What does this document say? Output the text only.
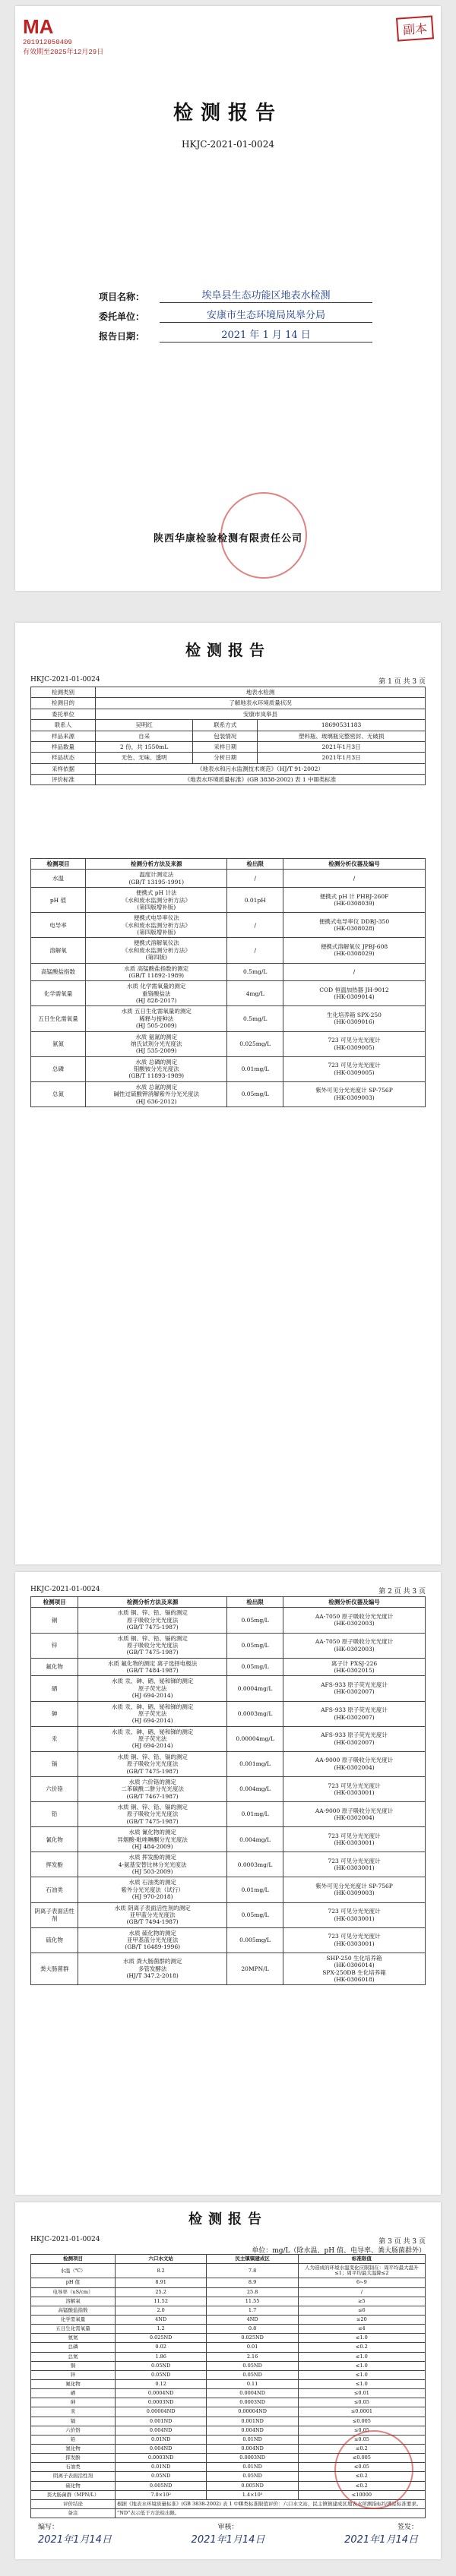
MA
201912050409
有效期至2025年12月29日
副本
检测报告
HKJC-2021-01-0024
项目名称：	埃阜县生态功能区地表水检测
委托单位：	安康市生态环境局岚皋分局
报告日期：	2021 年 1 月 14 日
陕西华康检验检测有限责任公司
检测报告
HKJC-2021-01-0024	第 1 页 共 3 页
检测类别	地表水检测		
检测目的	了解地表水环境质量状况		
委托单位	安康市岚皋县		
联系人	吴明红	联系方式	18690531183
样品来源	自采	包装情况	塑料瓶、玻璃瓶完整密封、无破损
样品数量	2 份，共 1550mL	采样日期	2021年1月3日
样品状态	无色、无味、透明	分析日期	2021年1月3日
采样依据	《地表水和污水监测技术规范》（HJ/T 91-2002）		
评价标准	《地表水环境质量标准》(GB 3838-2002) 表 1 中Ⅲ类标准		
检测项目	检测分析方法及来源	检出限	检测分析仪器及编号
水温	温度计测定法
(GB/T 13195-1991)	/	/
pH 值	便携式 pH 计法
《水和废水监测分析方法》
(第四版增补版)	0.01pH	便携式 pH 计 PHBJ-260F
(HK-0308039)
电导率	便携式电导率仪法
《水和废水监测分析方法》
(第四版增补版)	/	便携式电导率仪 DDBJ-350
(HK-0308028)
溶解氧	便携式溶解氧仪法
《水和废水监测分析方法》
(第四版)	/	便携式溶解氧仪 JPBJ-608
(HK-0308029)
高锰酸盐指数	水质 高锰酸盐指数的测定
(GB/T 11892-1989)	0.5mg/L	/
化学需氧量	水质 化学需氧量的测定
重铬酸盐法
(HJ 828-2017)	4mg/L	COD 恒温加热器 JH-9012
(HK-0309014)
五日生化需氧量	水质 五日生化需氧量的测定
稀释与接种法
(HJ 505-2009)	0.5mg/L	生化培养箱 SPX-250
(HK-0309016)
氨氮	水质 氨氮的测定
纳氏试剂分光光度法
(HJ 535-2009)	0.025mg/L	723 可见分光光度计
(HK-0309005)
总磷	水质 总磷的测定
钼酸铵分光光度法
(GB/T 11893-1989)	0.01mg/L	723 可见分光光度计
(HK-0309005)
总氮	水质 总氮的测定
碱性过硫酸钾消解紫外分光光度法
(HJ 636-2012)	0.05mg/L	紫外可见分光光度计 SP-756P
(HK-0309003)
HKJC-2021-01-0024	第 2 页 共 3 页
检测项目	检测分析方法及来源	检出限	检测分析仪器及编号
铜	水质 铜、锌、铅、镉的测定
原子吸收分光光度法
(GB/T 7475-1987)	0.05mg/L	AA-7050 原子吸收分光光度计
(HK-0302003)
锌	水质 铜、锌、铅、镉的测定
原子吸收分光光度法
(GB/T 7475-1987)	0.05mg/L	AA-7050 原子吸收分光光度计
(HK-0302003)
氟化物	水质 氟化物的测定 离子选择电极法
(GB/T 7484-1987)	0.05mg/L	离子计 PXSJ-226
(HK-0302015)
硒	水质 汞、砷、硒、铋和锑的测定
原子荧光法
(HJ 694-2014)	0.0004mg/L	AFS-933 原子荧光光度计
(HK-0302007)
砷	水质 汞、砷、硒、铋和锑的测定
原子荧光法
(HJ 694-2014)	0.0003mg/L	AFS-933 原子荧光光度计
(HK-0302007)
汞	水质 汞、砷、硒、铋和锑的测定
原子荧光法
(HJ 694-2014)	0.00004mg/L	AFS-933 原子荧光光度计
(HK-0302007)
镉	水质 铜、锌、铅、镉的测定
原子吸收分光光度法
(GB/T 7475-1987)	0.001mg/L	AA-9000 原子吸收分光光度计
(HK-0302004)
六价铬	水质 六价铬的测定
二苯碳酰二肼分光光度法
(GB/T 7467-1987)	0.004mg/L	723 可见分光光度计
(HK-0303001)
铅	水质 铜、锌、铅、镉的测定
原子吸收分光光度法
(GB/T 7475-1987)	0.01mg/L	AA-9000 原子吸收分光光度计
(HK-0302004)
氰化物	水质 氰化物的测定
异烟酸-吡唑啉酮分光光度法
(HJ 484-2009)	0.004mg/L	723 可见分光光度计
(HK-0303001)
挥发酚	水质 挥发酚的测定
4-氨基安替比林分光光度法
(HJ 503-2009)	0.0003mg/L	723 可见分光光度计
(HK-0303001)
石油类	水质 石油类的测定
紫外分光光度法（试行）
(HJ 970-2018)	0.01mg/L	紫外可见分光光度计 SP-756P
(HK-0309003)
阴离子表面活性剂	水质 阴离子表面活性剂的测定
亚甲蓝分光光度法
(GB/T 7494-1987)	0.05mg/L	723 可见分光光度计
(HK-0303001)
硫化物	水质 硫化物的测定
亚甲基蓝分光光度法
(GB/T 16489-1996)	0.005mg/L	723 可见分光光度计
(HK-0303001)
粪大肠菌群	水质 粪大肠菌群的测定
多管发酵法
(HJ/T 347.2-2018)	20MPN/L	SHP-250 生化培养箱
(HK-0306014)
SPX-250DB 生化培养箱
(HK-0306018)
检测报告
HKJC-2021-01-0024	第 3 页 共 3 页
单位：mg/L（除水温、pH 值、电导率、粪大肠菌群外）
检测项目	六口水文站	民主镇镇建成区	标准限值
水温（℃）	8.2	7.8	人为造成的环境水温变化应限制在：周平均最大温升≤1；周平均最大温降≤2
pH 值	8.91	8.9	6~9
电导率（uS/cm）	25.2	25.8	/
溶解氧	11.52	11.55	≥5
高锰酸盐指数	2.0	1.7	≤6
化学需氧量	4ND	4ND	≤20
五日生化需氧量	1.2	0.8	≤4
氨氮	0.025ND	0.025ND	≤1.0
总磷	0.02	0.01	≤0.2
总氮	1.86	2.16	≤1.0
铜	0.05ND	0.05ND	≤1.0
锌	0.05ND	0.05ND	≤1.0
氟化物	0.12	0.11	≤1.0
硒	0.0004ND	0.0004ND	≤0.01
砷	0.0003ND	0.0003ND	≤0.05
汞	0.00004ND	0.00004ND	≤0.0001
镉	0.001ND	0.001ND	≤0.005
六价铬	0.004ND	0.004ND	≤0.05
铅	0.01ND	0.01ND	≤0.05
氰化物	0.004ND	0.004ND	≤0.2
挥发酚	0.0003ND	0.0003ND	≤0.005
石油类	0.01ND	0.01ND	≤0.05
阴离子表面活性剂	0.05ND	0.05ND	≤0.2
硫化物	0.005ND	0.005ND	≤0.2
粪大肠菌群（MPN/L）	7.0×10²	1.4×10³	≤10000
评价结论	根据《地表水环境质量标准》(GB 3838-2002) 表 1 中Ⅲ类标准限值评价：六口水文站、民主镇镇建成区地表水所测指标均满足标准要求。		
备注	“ND”表示低于方法检出限。		
编写：	审核：	签发：
2021年1月14日	2021年1月14日	2021年1月14日
